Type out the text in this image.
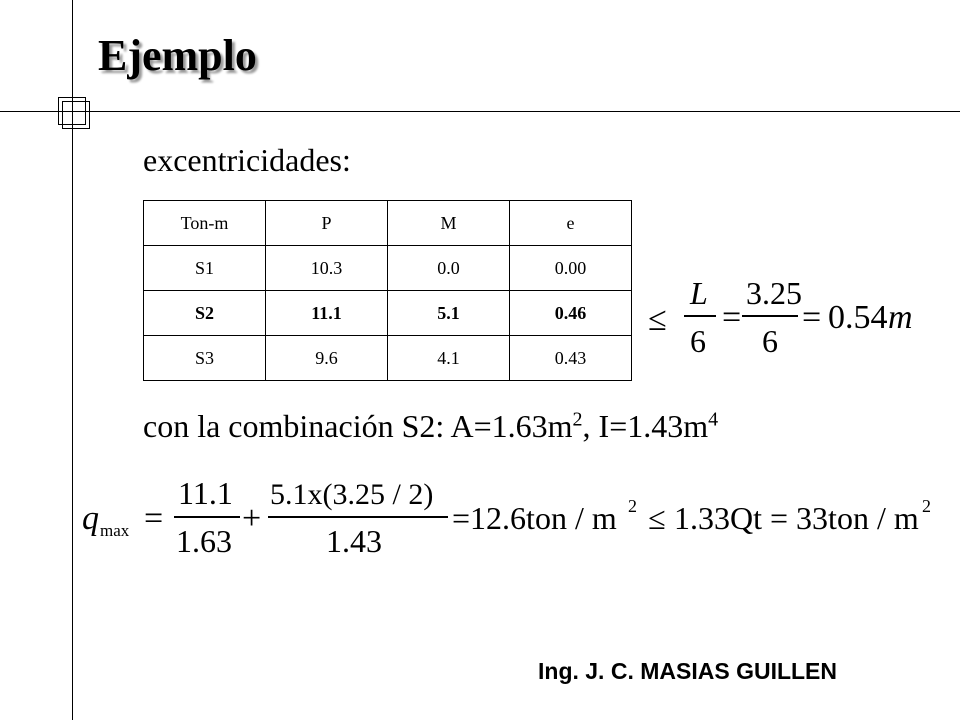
Ejemplo
excentricidades:
Ton-m	P	M	e
S1	10.3	0.0	0.00
S2	11.1	5.1	0.46
S3	9.6	4.1	0.43
≤
L
6
=
3.25
6
= 0.54 m
con la combinación S2: $A=1.63m^2$, $I=1.43m^4$
q max =
11.1
1.63
+
5.1x(3.25 / 2)
1.43
=12.6ton / m 2 ≤ 1.33Qt = 33ton / m 2
Ing. J. C. MASIAS GUILLEN
